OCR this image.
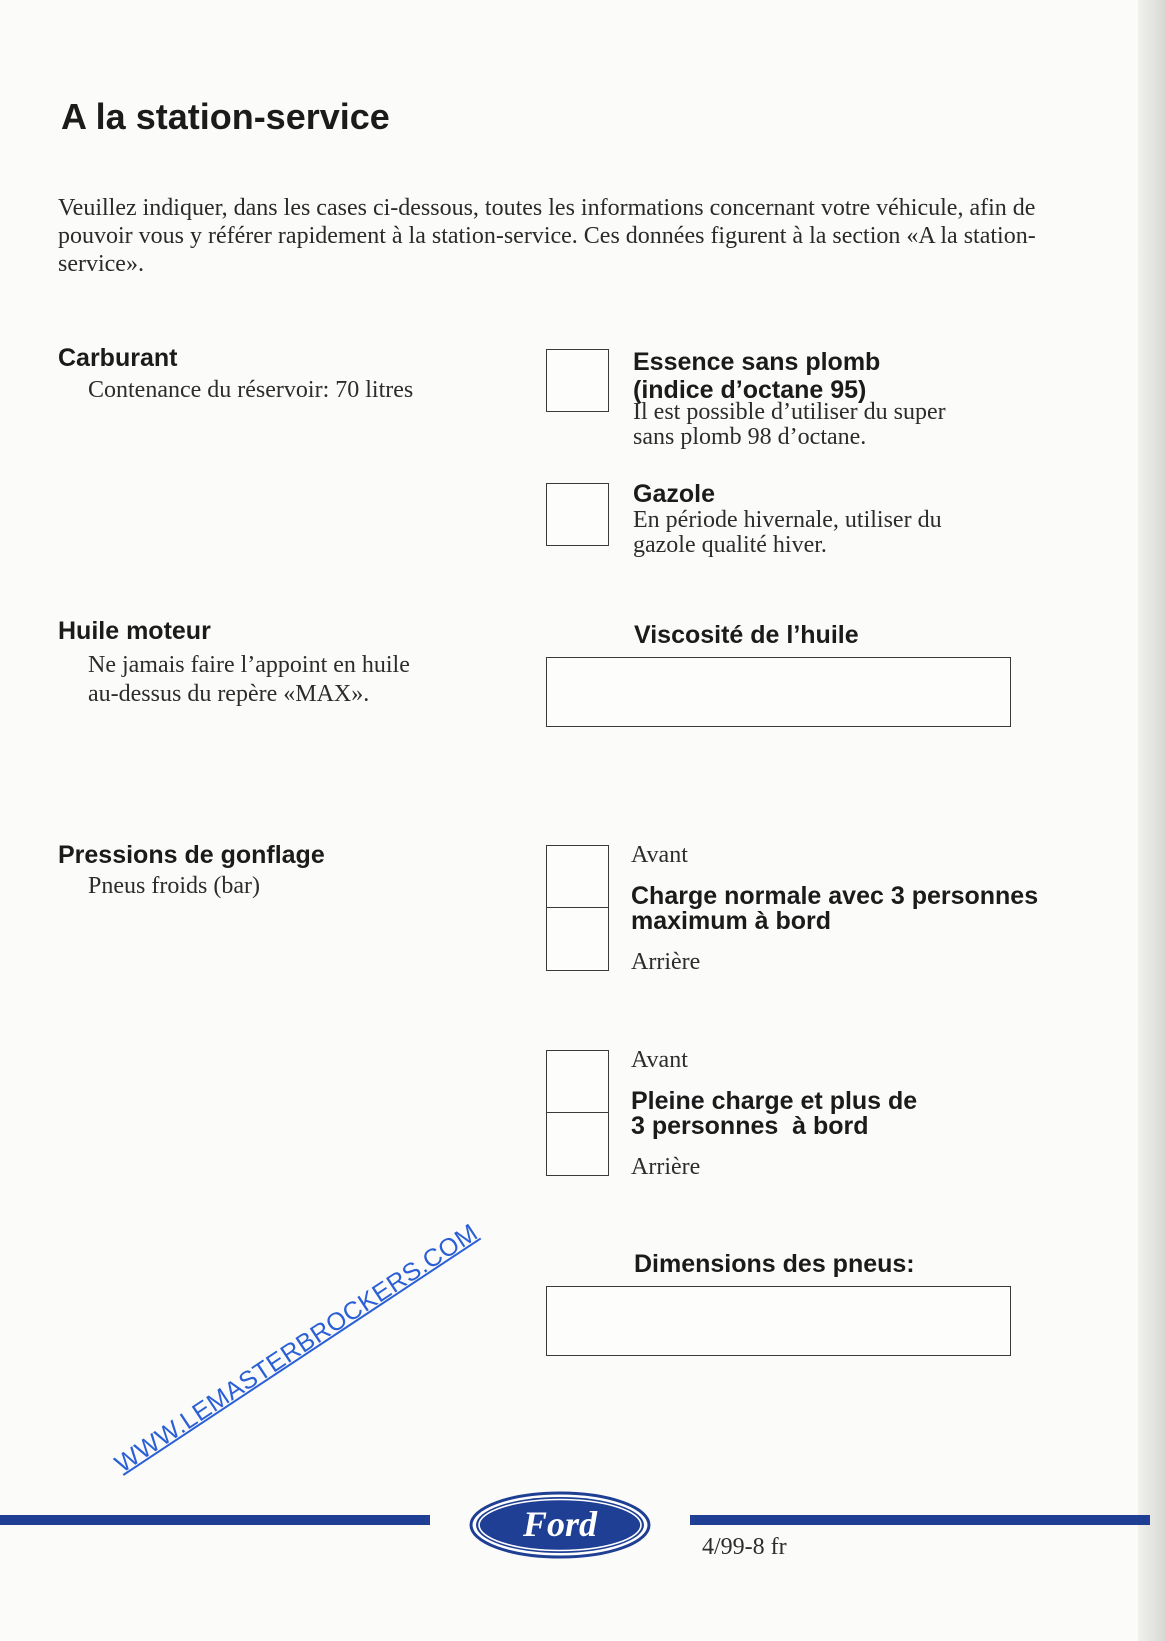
A la station-service

Veuillez indiquer, dans les cases ci-dessous, toutes les informations concernant votre véhicule, afin de pouvoir vous y référer rapidement à la station-service. Ces données figurent à la section «A la station-service».

Carburant
Contenance du réservoir: 70 litres
Essence sans plomb
(indice d’octane 95)
Il est possible d’utiliser du super
sans plomb 98 d’octane.
Gazole
En période hivernale, utiliser du
gazole qualité hiver.
Huile moteur
Ne jamais faire l’appoint en huile
au-dessus du repère «MAX».
Viscosité de l’huile
Pressions de gonflage
Pneus froids (bar)
Avant
Charge normale avec 3 personnes
maximum à bord
Arrière
Avant
Pleine charge et plus de
3 personnes  à bord
Arrière
Dimensions des pneus:
WWW.LEMASTERBROCKERS.COM
Ford
4/99-8 fr
